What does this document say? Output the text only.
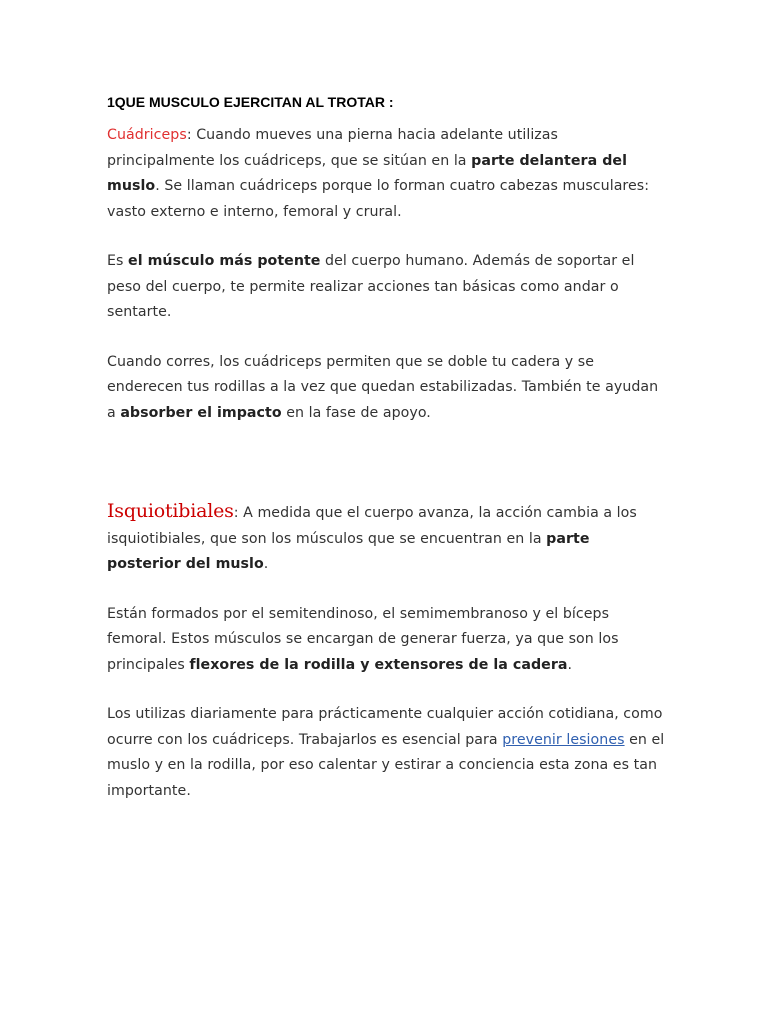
1QUE MUSCULO EJERCITAN AL TROTAR :

Cuádriceps: Cuando mueves una pierna hacia adelante utilizas principalmente los cuádriceps, que se sitúan en la parte delantera del muslo. Se llaman cuádriceps porque lo forman cuatro cabezas musculares: vasto externo e interno, femoral y crural.

Es el músculo más potente del cuerpo humano. Además de soportar el peso del cuerpo, te permite realizar acciones tan básicas como andar o sentarte.

Cuando corres, los cuádriceps permiten que se doble tu cadera y se enderecen tus rodillas a la vez que quedan estabilizadas. También te ayudan a absorber el impacto en la fase de apoyo.

Isquiotibiales: A medida que el cuerpo avanza, la acción cambia a los isquiotibiales, que son los músculos que se encuentran en la parte posterior del muslo.

Están formados por el semitendinoso, el semimembranoso y el bíceps femoral. Estos músculos se encargan de generar fuerza, ya que son los principales flexores de la rodilla y extensores de la cadera.

Los utilizas diariamente para prácticamente cualquier acción cotidiana, como ocurre con los cuádriceps. Trabajarlos es esencial para prevenir lesiones en el muslo y en la rodilla, por eso calentar y estirar a conciencia esta zona es tan importante.
